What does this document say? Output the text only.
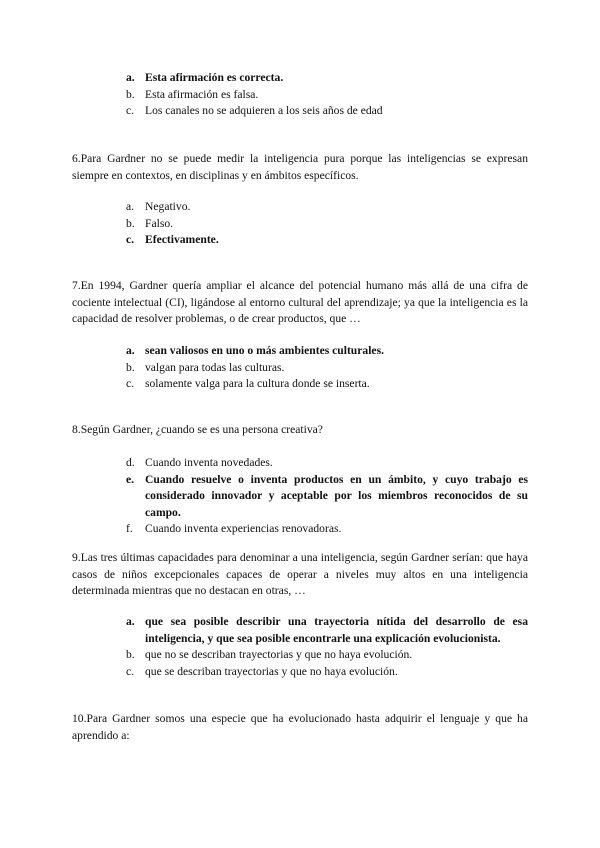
a. Esta afirmación es correcta.
b. Esta afirmación es falsa.
c. Los canales no se adquieren a los seis años de edad

6.Para Gardner no se puede medir la inteligencia pura porque las inteligencias se expresan siempre en contextos, en disciplinas y en ámbitos específicos.

a. Negativo.
b. Falso.
c. Efectivamente.

7.En 1994, Gardner quería ampliar el alcance del potencial humano más allá de una cifra de cociente intelectual (CI), ligándose al entorno cultural del aprendizaje; ya que la inteligencia es la capacidad de resolver problemas, o de crear productos, que …

a. sean valiosos en uno o más ambientes culturales.
b. valgan para todas las culturas.
c. solamente valga para la cultura donde se inserta.

8.Según Gardner, ¿cuando se es una persona creativa?

d. Cuando inventa novedades.
e. Cuando resuelve o inventa productos en un ámbito, y cuyo trabajo es considerado innovador y aceptable por los miembros reconocidos de su campo.
f.	Cuando inventa experiencias renovadoras.

9.Las tres últimas capacidades para denominar a una inteligencia, según Gardner serían: que haya casos de niños excepcionales capaces de operar a niveles muy altos en una inteligencia determinada mientras que no destacan en otras, …

a. que sea posible describir una trayectoria nítida del desarrollo de esa inteligencia, y que sea posible encontrarle una explicación evolucionista.
b. que no se describan trayectorias y que no haya evolución.
c. que se describan trayectorias y que no haya evolución.

10.Para Gardner somos una especie que ha evolucionado hasta adquirir el lenguaje y que ha aprendido a:
